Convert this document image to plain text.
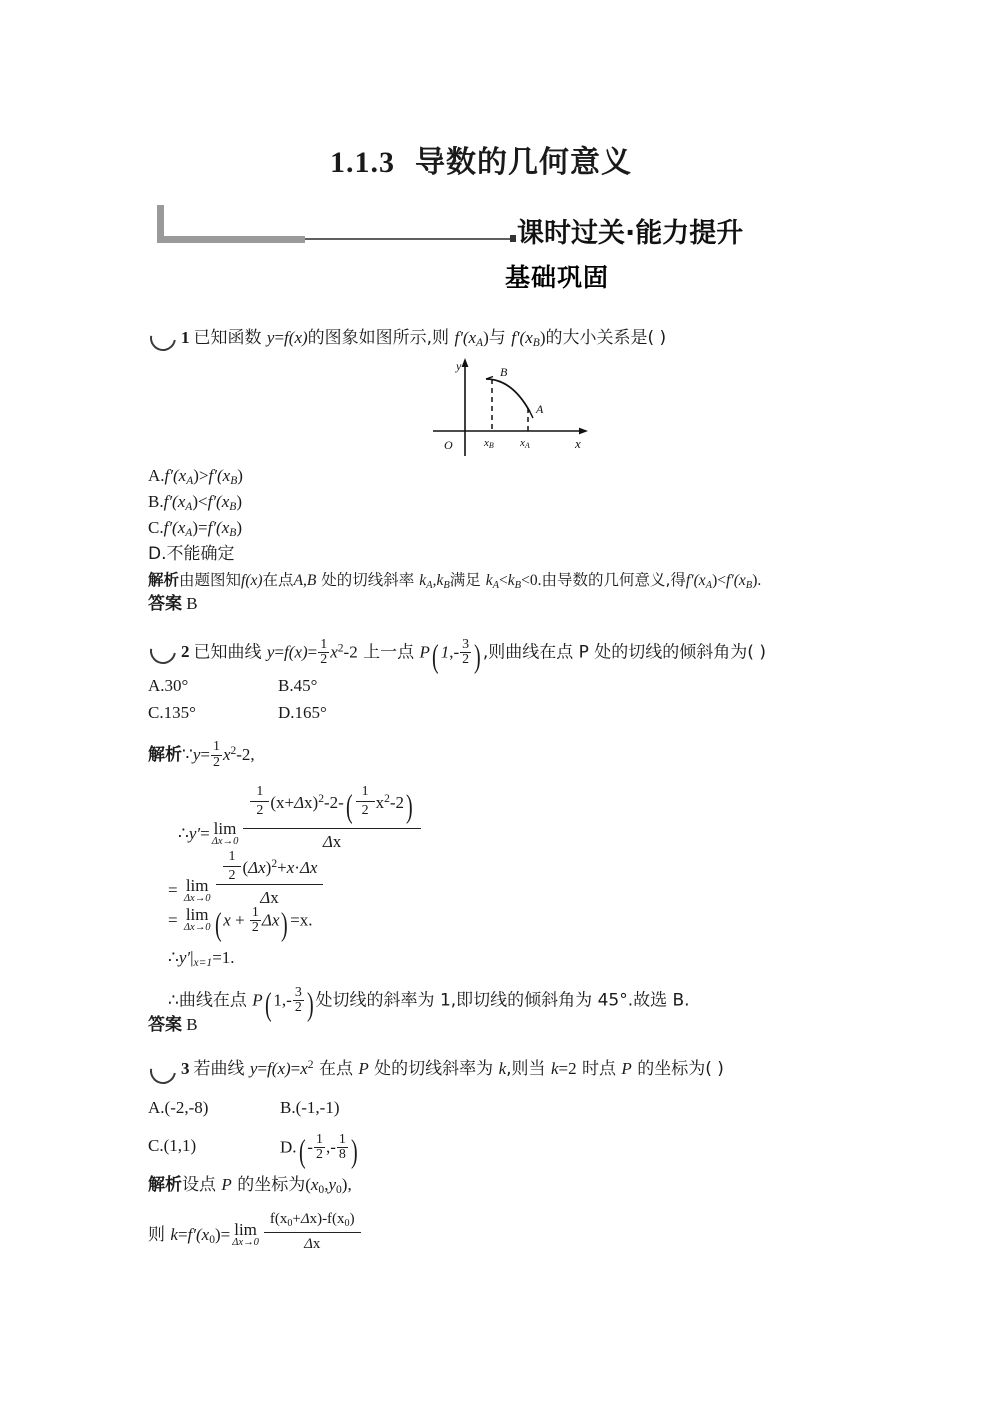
1.1.3 导数的几何意义
课时过关·能力提升
基础巩固
1 已知函数 y=f(x)的图象如图所示,则 $f'(x_A)$与 $f'(x_B)$的大小关系是( )
B
A
O	x
y
xB xA
$A.f'(x_A)>f'(x_B)$
$B.f'(x_A)<f'(x_B)$
$C.f'(x_A)=f'(x_B)$
D.不能确定
解析由题图知f(x)在点A,B 处的切线斜率 $k_A,k_B$满足 $k_A<k_B<0$.由导数的几何意义,得$f'(x_A)<f'(x_B)$.
答案 B
2 已知曲线 $y=f(x)= \frac{1}{2} x^2-2$ 上一点 P( $1,- \frac{3}{2}$ ) ,则曲线在点 P 处的切线的倾斜角为( )
A.30°	B.45°
C.135°	D.165°
解析∵y= $\frac{1}{2} x^2-2$,
∴y′= lim
$\Delta x\to 0 \frac{\frac{1}{2} (x+\Delta x)^2-2-( \frac{1}{2} x^2-2)}{\Delta x}$
= lim
$\Delta x\to 0 \frac{\frac{1}{2} (\Delta x)^2+x\cdot\Delta x}{\Delta x}$
= lim
Δx→0 ( $x + \frac{1}{2} \Delta x) =x$.
$\therefore y'|_{x=1}=1$.
∴曲线在点 P( $1,- \frac{3}{2}$ ) 处切线的斜率为 1,即切线的倾斜角为 45°.故选 B.
答案 B
3 若曲线 $y=f(x)=x^2$ 在点 P 处的切线斜率为 k,则当 k=2 时点 P 的坐标为( )
A.(-2,-8)	B.(-1,-1)
C.(1,1)	$D.( - \frac{1}{2}$ ,- $\frac{1}{8}$ )
解析设点 P 的坐标为$(x_0,y_0)$,
则 $k=f'(x_0)= \lim$
$\Delta x\to 0 \frac{f(x_0+\Delta x)-f(x_0)}{\Delta x}$
